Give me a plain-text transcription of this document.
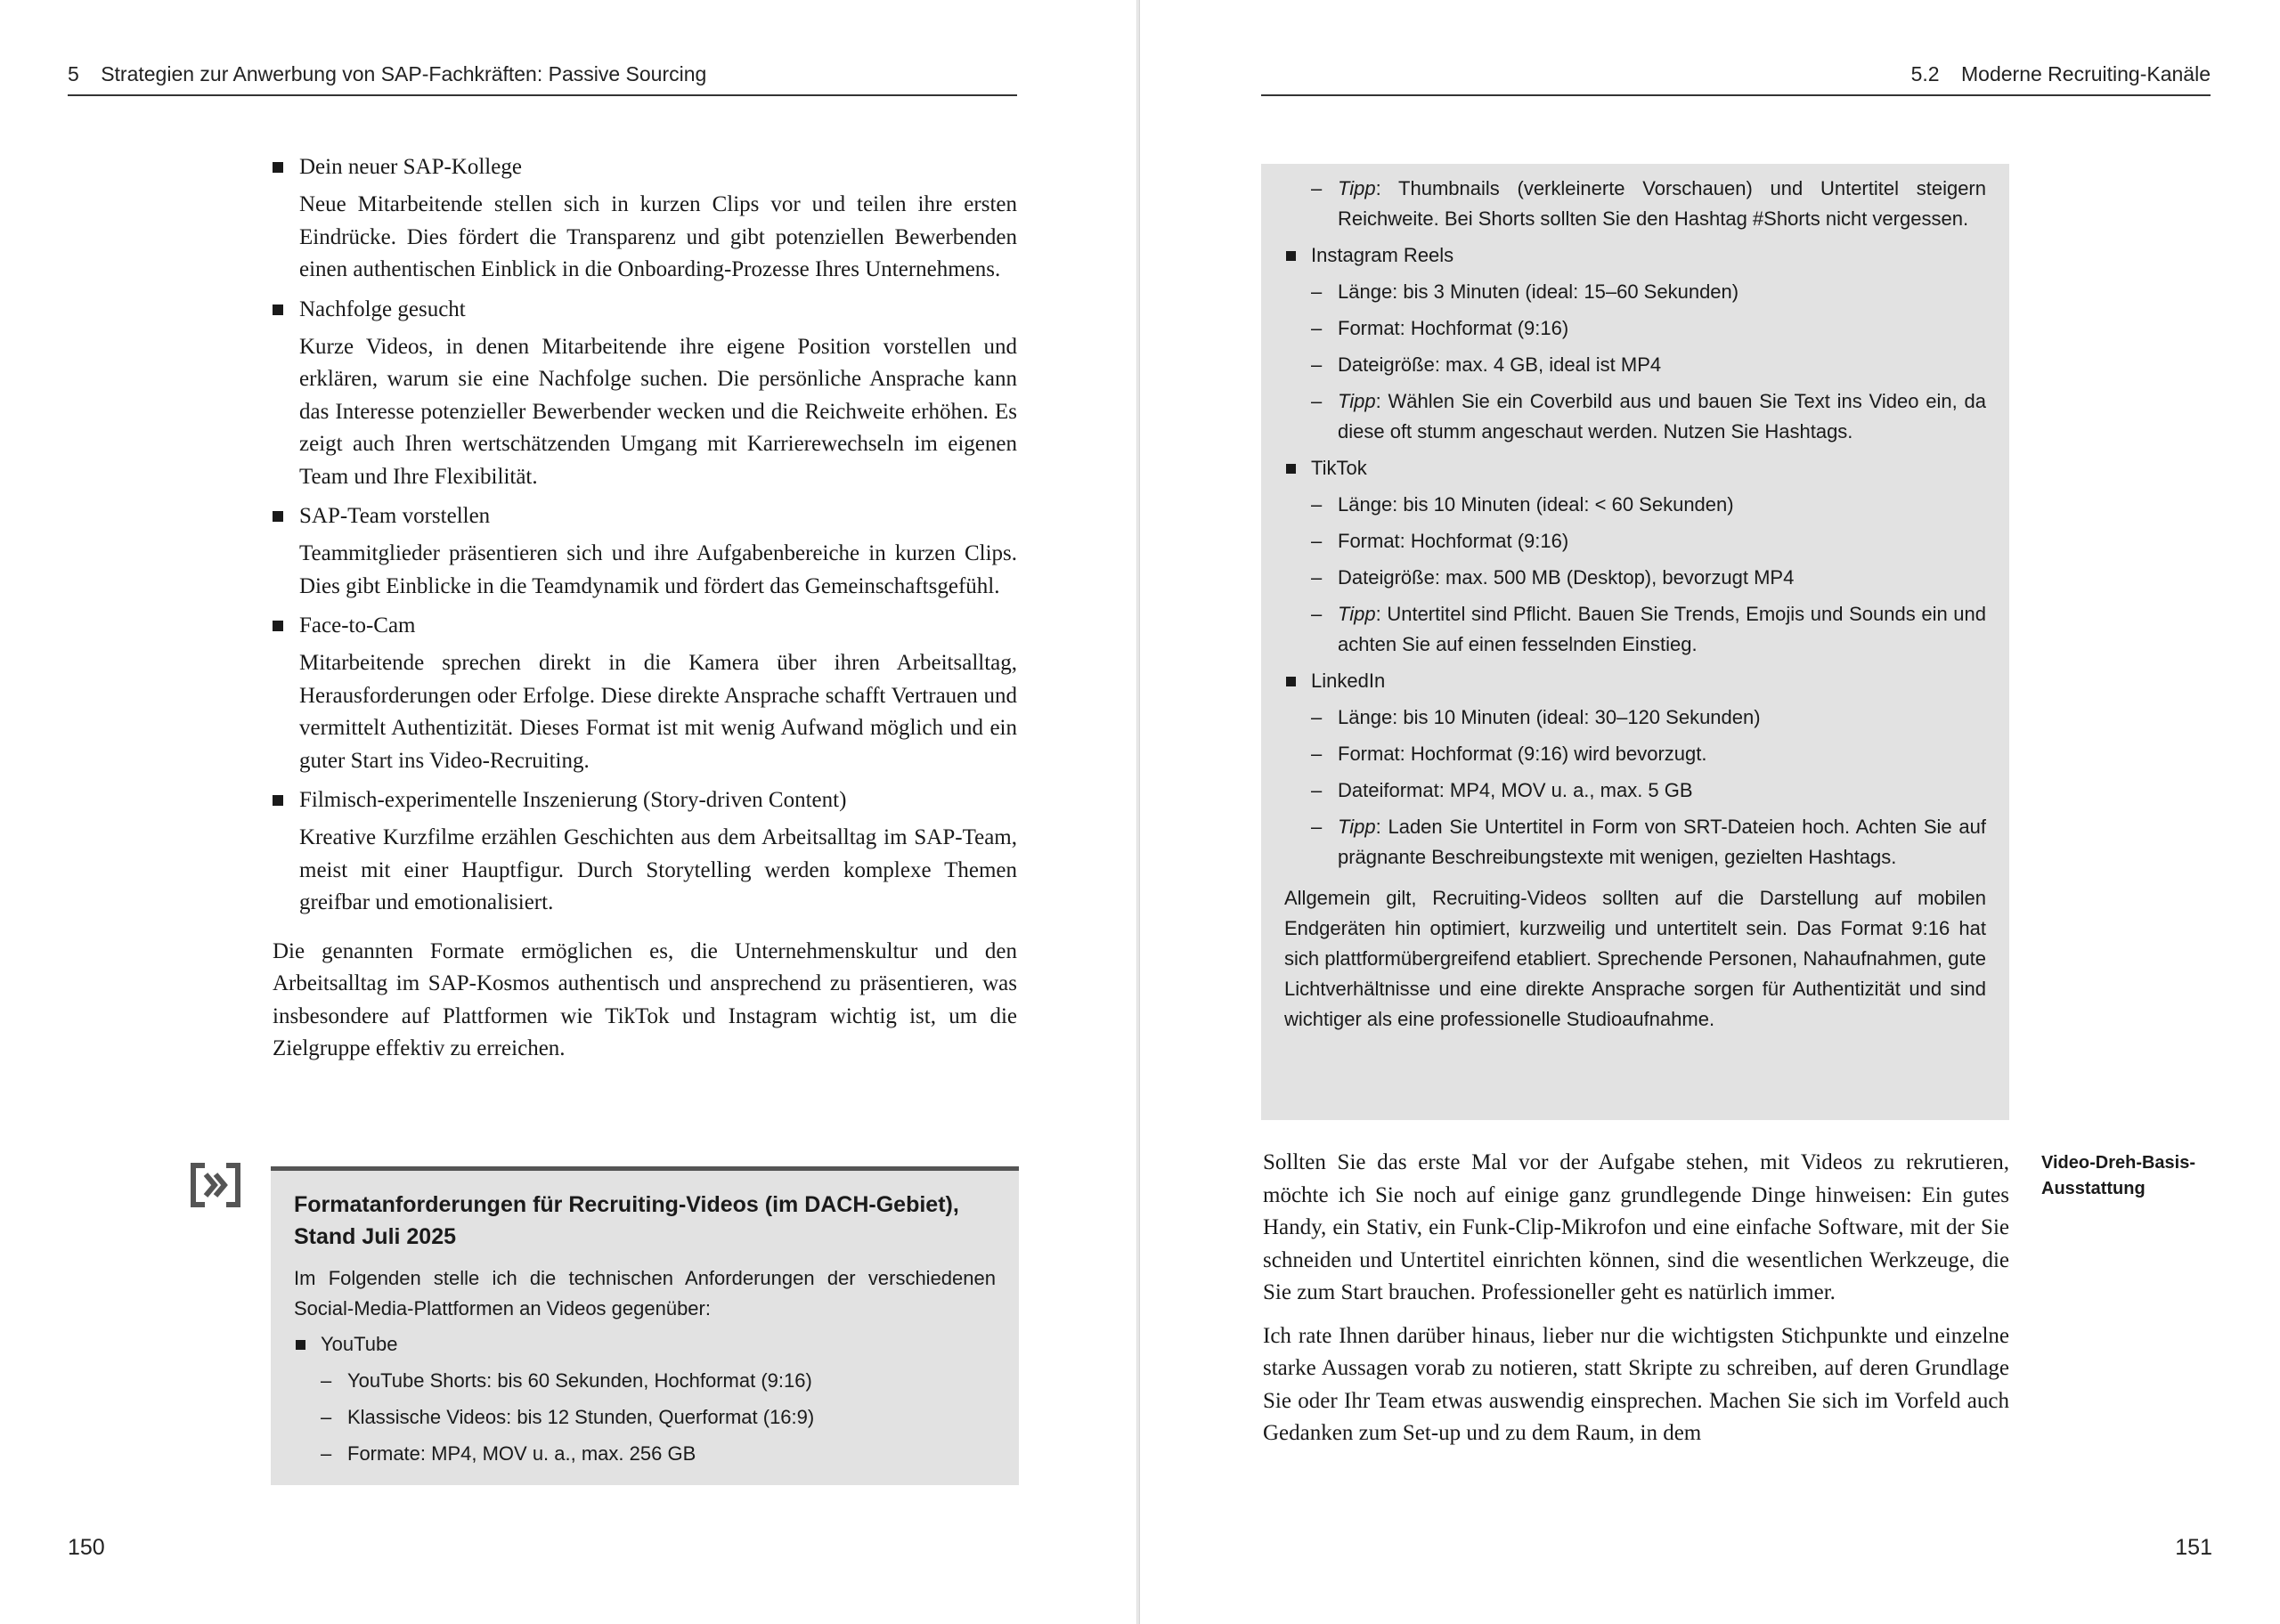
5 Strategien zur Anwerbung von SAP-Fachkräften: Passive Sourcing
Dein neuer SAP-Kollege
Neue Mitarbeitende stellen sich in kurzen Clips vor und teilen ihre ersten Eindrücke. Dies fördert die Transparenz und gibt potenziellen Bewerbenden einen authentischen Einblick in die Onboarding-Prozesse Ihres Unternehmens.
Nachfolge gesucht
Kurze Videos, in denen Mitarbeitende ihre eigene Position vorstellen und erklären, warum sie eine Nachfolge suchen. Die persönliche Ansprache kann das Interesse potenzieller Bewerbender wecken und die Reichweite erhöhen. Es zeigt auch Ihren wertschätzenden Umgang mit Karrierewechseln im eigenen Team und Ihre Flexibilität.
SAP-Team vorstellen
Teammitglieder präsentieren sich und ihre Aufgabenbereiche in kurzen Clips. Dies gibt Einblicke in die Teamdynamik und fördert das Gemeinschaftsgefühl.
Face-to-Cam
Mitarbeitende sprechen direkt in die Kamera über ihren Arbeitsalltag, Herausforderungen oder Erfolge. Diese direkte Ansprache schafft Vertrauen und vermittelt Authentizität. Dieses Format ist mit wenig Aufwand möglich und ein guter Start ins Video-Recruiting.
Filmisch-experimentelle Inszenierung (Story-driven Content)
Kreative Kurzfilme erzählen Geschichten aus dem Arbeitsalltag im SAP-Team, meist mit einer Hauptfigur. Durch Storytelling werden komplexe Themen greifbar und emotionalisiert.
Die genannten Formate ermöglichen es, die Unternehmenskultur und den Arbeitsalltag im SAP-Kosmos authentisch und ansprechend zu präsentieren, was insbesondere auf Plattformen wie TikTok und Instagram wichtig ist, um die Zielgruppe effektiv zu erreichen.
Formatanforderungen für Recruiting-Videos (im DACH-Gebiet), Stand Juli 2025
Im Folgenden stelle ich die technischen Anforderungen der verschiedenen Social-Media-Plattformen an Videos gegenüber:
YouTube
– YouTube Shorts: bis 60 Sekunden, Hochformat (9:16)
– Klassische Videos: bis 12 Stunden, Querformat (16:9)
– Formate: MP4, MOV u. a., max. 256 GB
150
5.2 Moderne Recruiting-Kanäle
– Tipp: Thumbnails (verkleinerte Vorschauen) und Untertitel steigern Reichweite. Bei Shorts sollten Sie den Hashtag #Shorts nicht vergessen.
Instagram Reels
– Länge: bis 3 Minuten (ideal: 15–60 Sekunden)
– Format: Hochformat (9:16)
– Dateigröße: max. 4 GB, ideal ist MP4
– Tipp: Wählen Sie ein Coverbild aus und bauen Sie Text ins Video ein, da diese oft stumm angeschaut werden. Nutzen Sie Hashtags.
TikTok
– Länge: bis 10 Minuten (ideal: < 60 Sekunden)
– Format: Hochformat (9:16)
– Dateigröße: max. 500 MB (Desktop), bevorzugt MP4
– Tipp: Untertitel sind Pflicht. Bauen Sie Trends, Emojis und Sounds ein und achten Sie auf einen fesselnden Einstieg.
LinkedIn
– Länge: bis 10 Minuten (ideal: 30–120 Sekunden)
– Format: Hochformat (9:16) wird bevorzugt.
– Dateiformat: MP4, MOV u. a., max. 5 GB
– Tipp: Laden Sie Untertitel in Form von SRT-Dateien hoch. Achten Sie auf prägnante Beschreibungstexte mit wenigen, gezielten Hashtags.
Allgemein gilt, Recruiting-Videos sollten auf die Darstellung auf mobilen Endgeräten hin optimiert, kurzweilig und untertitelt sein. Das Format 9:16 hat sich plattformübergreifend etabliert. Sprechende Personen, Nahaufnahmen, gute Lichtverhältnisse und eine direkte Ansprache sorgen für Authentizität und sind wichtiger als eine professionelle Studioaufnahme.
Video-Dreh-Basis-Ausstattung
Sollten Sie das erste Mal vor der Aufgabe stehen, mit Videos zu rekrutieren, möchte ich Sie noch auf einige ganz grundlegende Dinge hinweisen: Ein gutes Handy, ein Stativ, ein Funk-Clip-Mikrofon und eine einfache Software, mit der Sie schneiden und Untertitel einrichten können, sind die wesentlichen Werkzeuge, die Sie zum Start brauchen. Professioneller geht es natürlich immer.
Ich rate Ihnen darüber hinaus, lieber nur die wichtigsten Stichpunkte und einzelne starke Aussagen vorab zu notieren, statt Skripte zu schreiben, auf deren Grundlage Sie oder Ihr Team etwas auswendig einsprechen. Machen Sie sich im Vorfeld auch Gedanken zum Set-up und zu dem Raum, in dem
151
